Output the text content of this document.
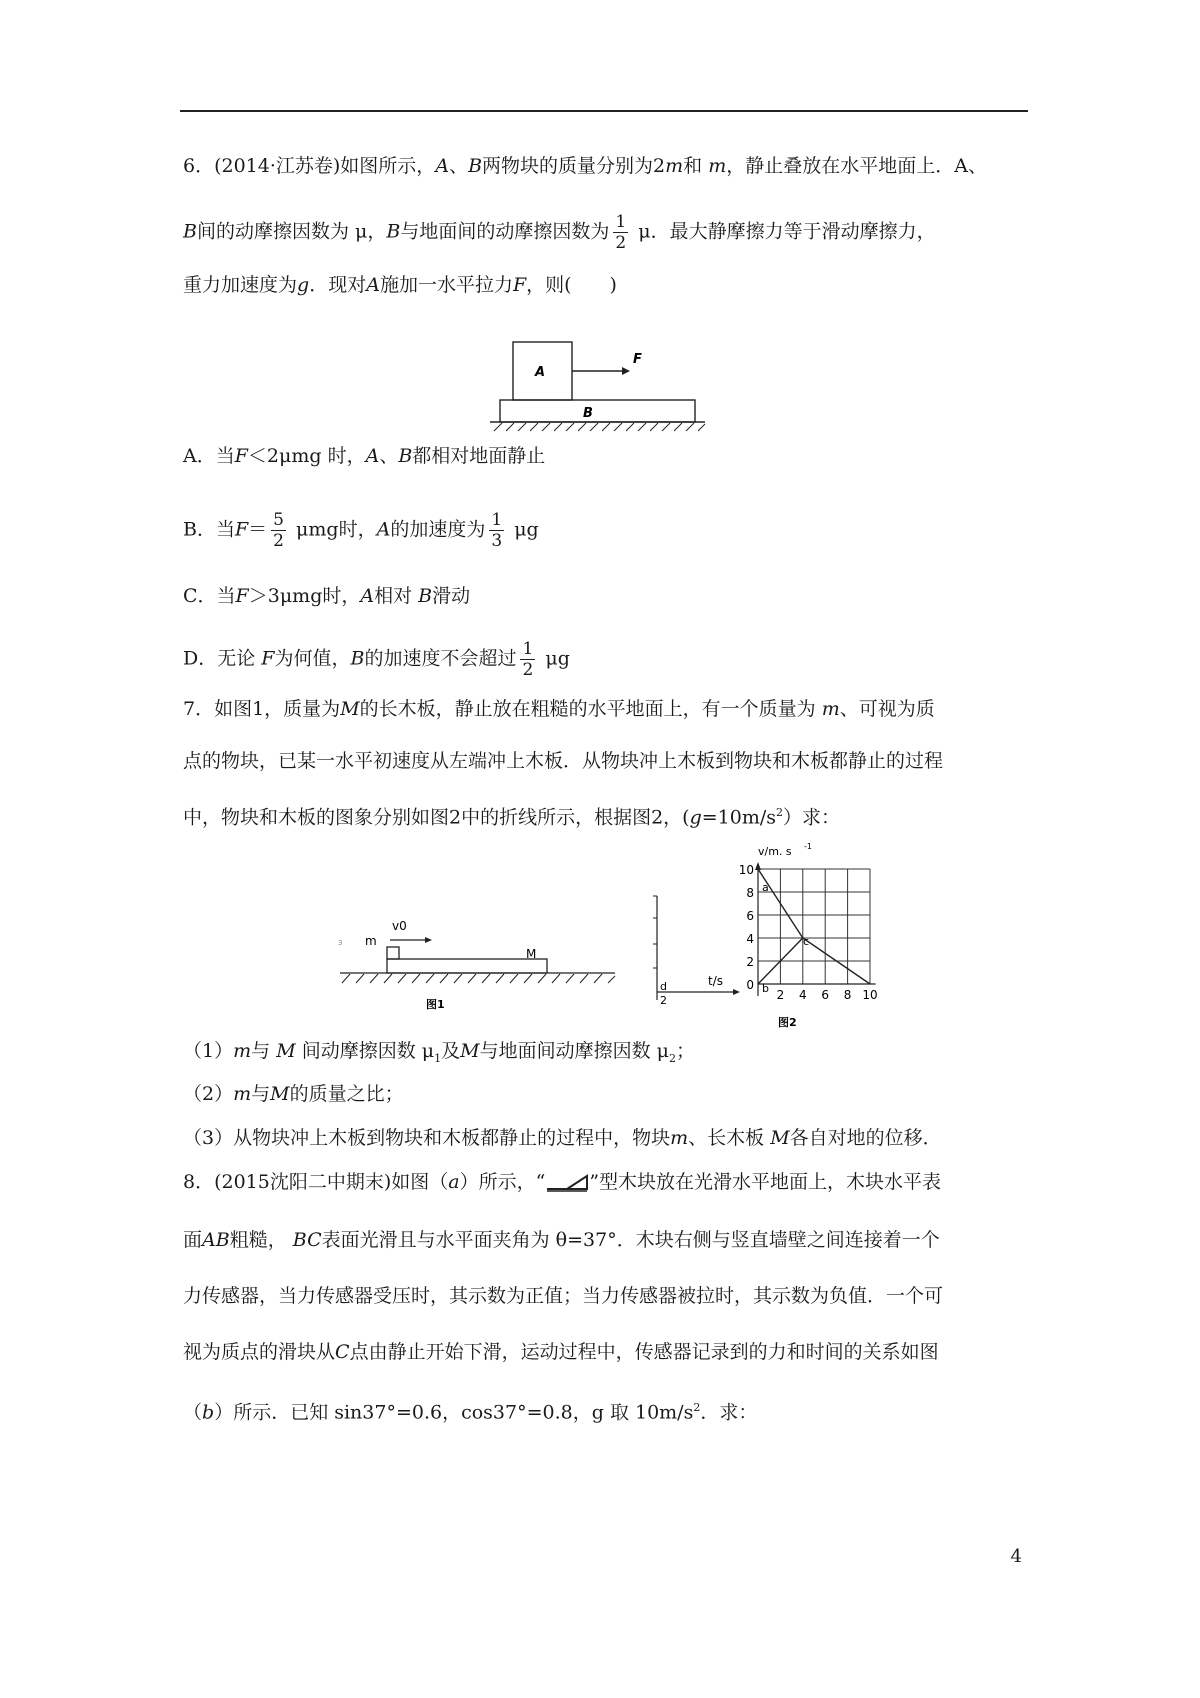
6．(2014·江苏卷)如图所示，A、B两物块的质量分别为2m和 m，静止叠放在水平地面上．A、
B间的动摩擦因数为 μ，B与地面间的动摩擦因数为 $\frac{1}{2}$ μ．最大静摩擦力等于滑动摩擦力，
重力加速度为g．现对A施加一水平拉力F，则(　　)
A
F
B
A．当F＜2μmg 时，A、B都相对地面静止
B．当$F= \frac{5}{2}$ μmg时，A的加速度为 $\frac{1}{3}$ μg
C．当F＞3μmg时，A相对 B滑动
D．无论 F为何值，B的加速度不会超过 $\frac{1}{2}$ μg
7．如图1，质量为M的长木板，静止放在粗糙的水平地面上，有一个质量为 m、可视为质
点的物块，已某一水平初速度从左端冲上木板．从物块冲上木板到物块和木板都静止的过程
中，物块和木板的图象分别如图2中的折线所示，根据图2，$(g=10m/s^2)$求：
3 m
v0
M
图1
t/s
d
2
v/m. s -1
10
8
6
4
2
0
2 4 6 8 10
a
b
c
图2
（1）m与 M 间动摩擦因数 $\mu_1$及M与地面间动摩擦因数 $\mu_2$；
（2）m与M的质量之比；
（3）从物块冲上木板到物块和木板都静止的过程中，物块m、长木板 M各自对地的位移．
8．(2015沈阳二中期末)如图（a）所示，“ ”型木块放在光滑水平地面上，木块水平表
面AB粗糙， BC表面光滑且与水平面夹角为 θ=37°．木块右侧与竖直墙壁之间连接着一个
力传感器，当力传感器受压时，其示数为正值；当力传感器被拉时，其示数为负值．一个可
视为质点的滑块从C点由静止开始下滑，运动过程中，传感器记录到的力和时间的关系如图
（b）所示．已知 sin37°=0.6，cos37°=0.8，g 取 $10m/s^2$．求：
4
